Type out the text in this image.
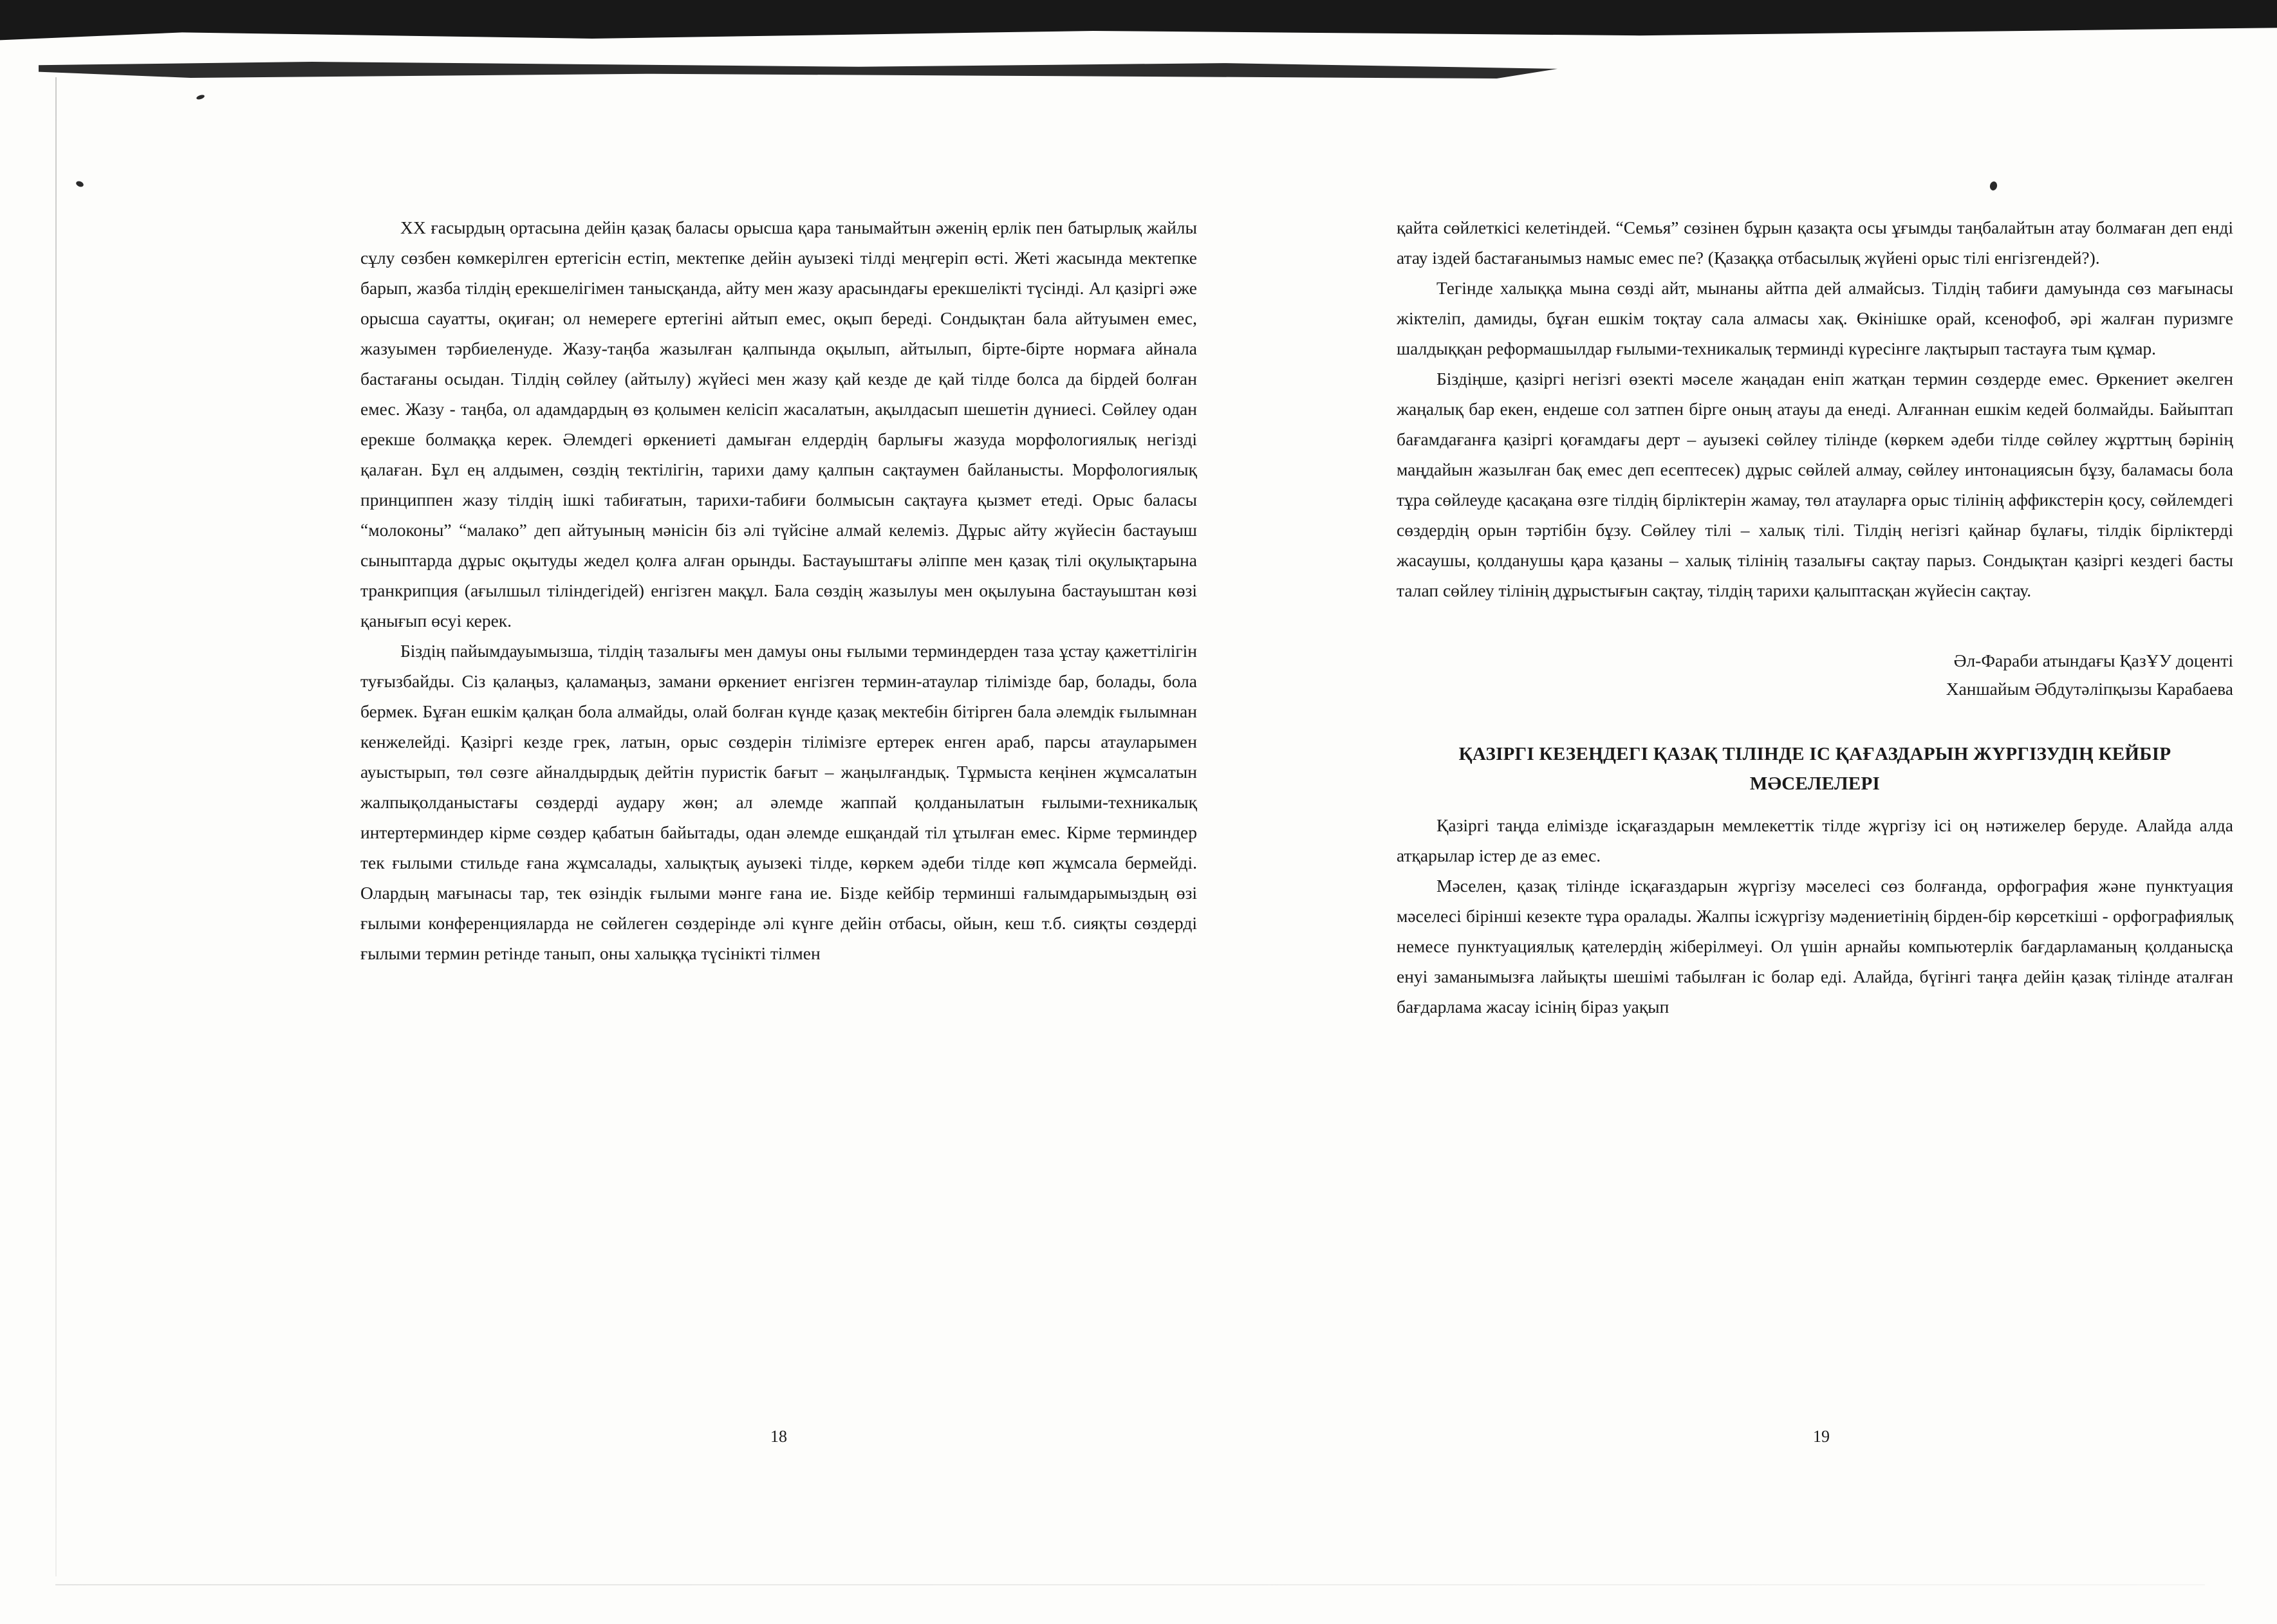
ХХ ғасырдың ортасына дейін қазақ баласы орысша қара танымайтын әженің ерлік пен батырлық жайлы сұлу сөзбен көмкерілген ертегісін естіп, мектепке дейін ауызекі тілді меңгеріп өсті. Жеті жасында мектепке барып, жазба тілдің ерекшелігімен танысқанда, айту мен жазу арасындағы ерекшелікті түсінді. Ал қазіргі әже орысша сауатты, оқиған; ол немереге ертегіні айтып емес, оқып береді. Сондықтан бала айтуымен емес, жазуымен тәрбиеленуде. Жазу-таңба жазылған қалпында оқылып, айтылып, бірте-бірте нормаға айнала бастағаны осыдан. Тілдің сөйлеу (айтылу) жүйесі мен жазу қай кезде де қай тілде болса да бірдей болған емес. Жазу - таңба, ол адамдардың өз қолымен келісіп жасалатын, ақылдасып шешетін дүниесі. Сөйлеу одан ерекше болмаққа керек. Әлемдегі өркениеті дамыған елдердің барлығы жазуда морфологиялық негізді қалаған. Бұл ең алдымен, сөздің тектілігін, тарихи даму қалпын сақтаумен байланысты. Морфологиялық принциппен жазу тілдің ішкі табиғатын, тарихи-табиғи болмысын сақтауға қызмет етеді. Орыс баласы “молоконы” “малако” деп айтуының мәнісін біз әлі түйсіне алмай келеміз. Дұрыс айту жүйесін бастауыш сыныптарда дұрыс оқытуды жедел қолға алған орынды. Бастауыштағы әліппе мен қазақ тілі оқулықтарына транкрипция (ағылшыл тіліндегідей) енгізген мақұл. Бала сөздің жазылуы мен оқылуына бастауыштан көзі қанығып өсуі керек.

Біздің пайымдауымызша, тілдің тазалығы мен дамуы оны ғылыми терминдерден таза ұстау қажеттілігін туғызбайды. Сіз қалаңыз, қаламаңыз, замани өркениет енгізген термин-атаулар тілімізде бар, болады, бола бермек. Бұған ешкім қалқан бола алмайды, олай болған күнде қазақ мектебін бітірген бала әлемдік ғылымнан кенжелейді. Қазіргі кезде грек, латын, орыс сөздерін тілімізге ертерек енген араб, парсы атауларымен ауыстырып, төл сөзге айналдырдық дейтін пуристік бағыт – жаңылғандық. Тұрмыста кеңінен жұмсалатын жалпықолданыстағы сөздерді аудару жөн; ал әлемде жаппай қолданылатын ғылыми-техникалық интертерминдер кірме сөздер қабатын байытады, одан әлемде ешқандай тіл ұтылған емес. Кірме терминдер тек ғылыми стильде ғана жұмсалады, халықтық ауызекі тілде, көркем әдеби тілде көп жұмсала бермейді. Олардың мағынасы тар, тек өзіндік ғылыми мәнге ғана ие. Бізде кейбір терминші ғалымдарымыздың өзі ғылыми конференцияларда не сөйлеген сөздерінде әлі күнге дейін отбасы, ойын, кеш т.б. сияқты сөздерді ғылыми термин ретінде танып, оны халыққа түсінікті тілмен

қайта сөйлеткісі келетіндей. “Семья” сөзінен бұрын қазақта осы ұғымды таңбалайтын атау болмаған деп енді атау іздей бастағанымыз намыс емес пе? (Қазаққа отбасылық жүйені орыс тілі енгізгендей?).

Тегінде халыққа мына сөзді айт, мынаны айтпа дей алмайсыз. Тілдің табиғи дамуында сөз мағынасы жіктеліп, дамиды, бұған ешкім тоқтау сала алмасы хақ. Өкінішке орай, ксенофоб, әрі жалған пуризмге шалдыққан реформашылдар ғылыми-техникалық терминді күресінге лақтырып тастауға тым құмар.

Біздіңше, қазіргі негізгі өзекті мәселе жаңадан еніп жатқан термин сөздерде емес. Өркениет әкелген жаңалық бар екен, ендеше сол затпен бірге оның атауы да енеді. Алғаннан ешкім кедей болмайды. Байыптап бағамдағанға қазіргі қоғамдағы дерт – ауызекі сөйлеу тілінде (көркем әдеби тілде сөйлеу жұрттың бәрінің маңдайын жазылған бақ емес деп есептесек) дұрыс сөйлей алмау, сөйлеу интонациясын бұзу, баламасы бола тұра сөйлеуде қасақана өзге тілдің бірліктерін жамау, төл атауларға орыс тілінің аффикстерін қосу, сөйлемдегі сөздердің орын тәртібін бұзу. Сөйлеу тілі – халық тілі. Тілдің негізгі қайнар бұлағы, тілдік бірліктерді жасаушы, қолданушы қара қазаны – халық тілінің тазалығы сақтау парыз. Сондықтан қазіргі кездегі басты талап сөйлеу тілінің дұрыстығын сақтау, тілдің тарихи қалыптасқан жүйесін сақтау.

Әл-Фараби атындағы ҚазҰУ доценті
Ханшайым Әбдутәліпқызы Карабаева
ҚАЗІРГІ КЕЗЕҢДЕГІ ҚАЗАҚ ТІЛІНДЕ ІС ҚАҒАЗДАРЫН ЖҮРГІЗУДІҢ КЕЙБІР МӘСЕЛЕЛЕРІ

Қазіргі таңда елімізде ісқағаздарын мемлекеттік тілде жүргізу ісі оң нәтижелер беруде. Алайда алда атқарылар істер де аз емес.

Мәселен, қазақ тілінде ісқағаздарын жүргізу мәселесі сөз болғанда, орфография және пунктуация мәселесі бірінші кезекте тұра оралады. Жалпы ісжүргізу мәдениетінің бірден-бір көрсеткіші - орфографиялық немесе пунктуациялық қателердің жіберілмеуі. Ол үшін арнайы компьютерлік бағдарламаның қолданысқа енуі заманымызға лайықты шешімі табылған іс болар еді. Алайда, бүгінгі таңға дейін қазақ тілінде аталған бағдарлама жасау ісінің біраз уақып

18	19
